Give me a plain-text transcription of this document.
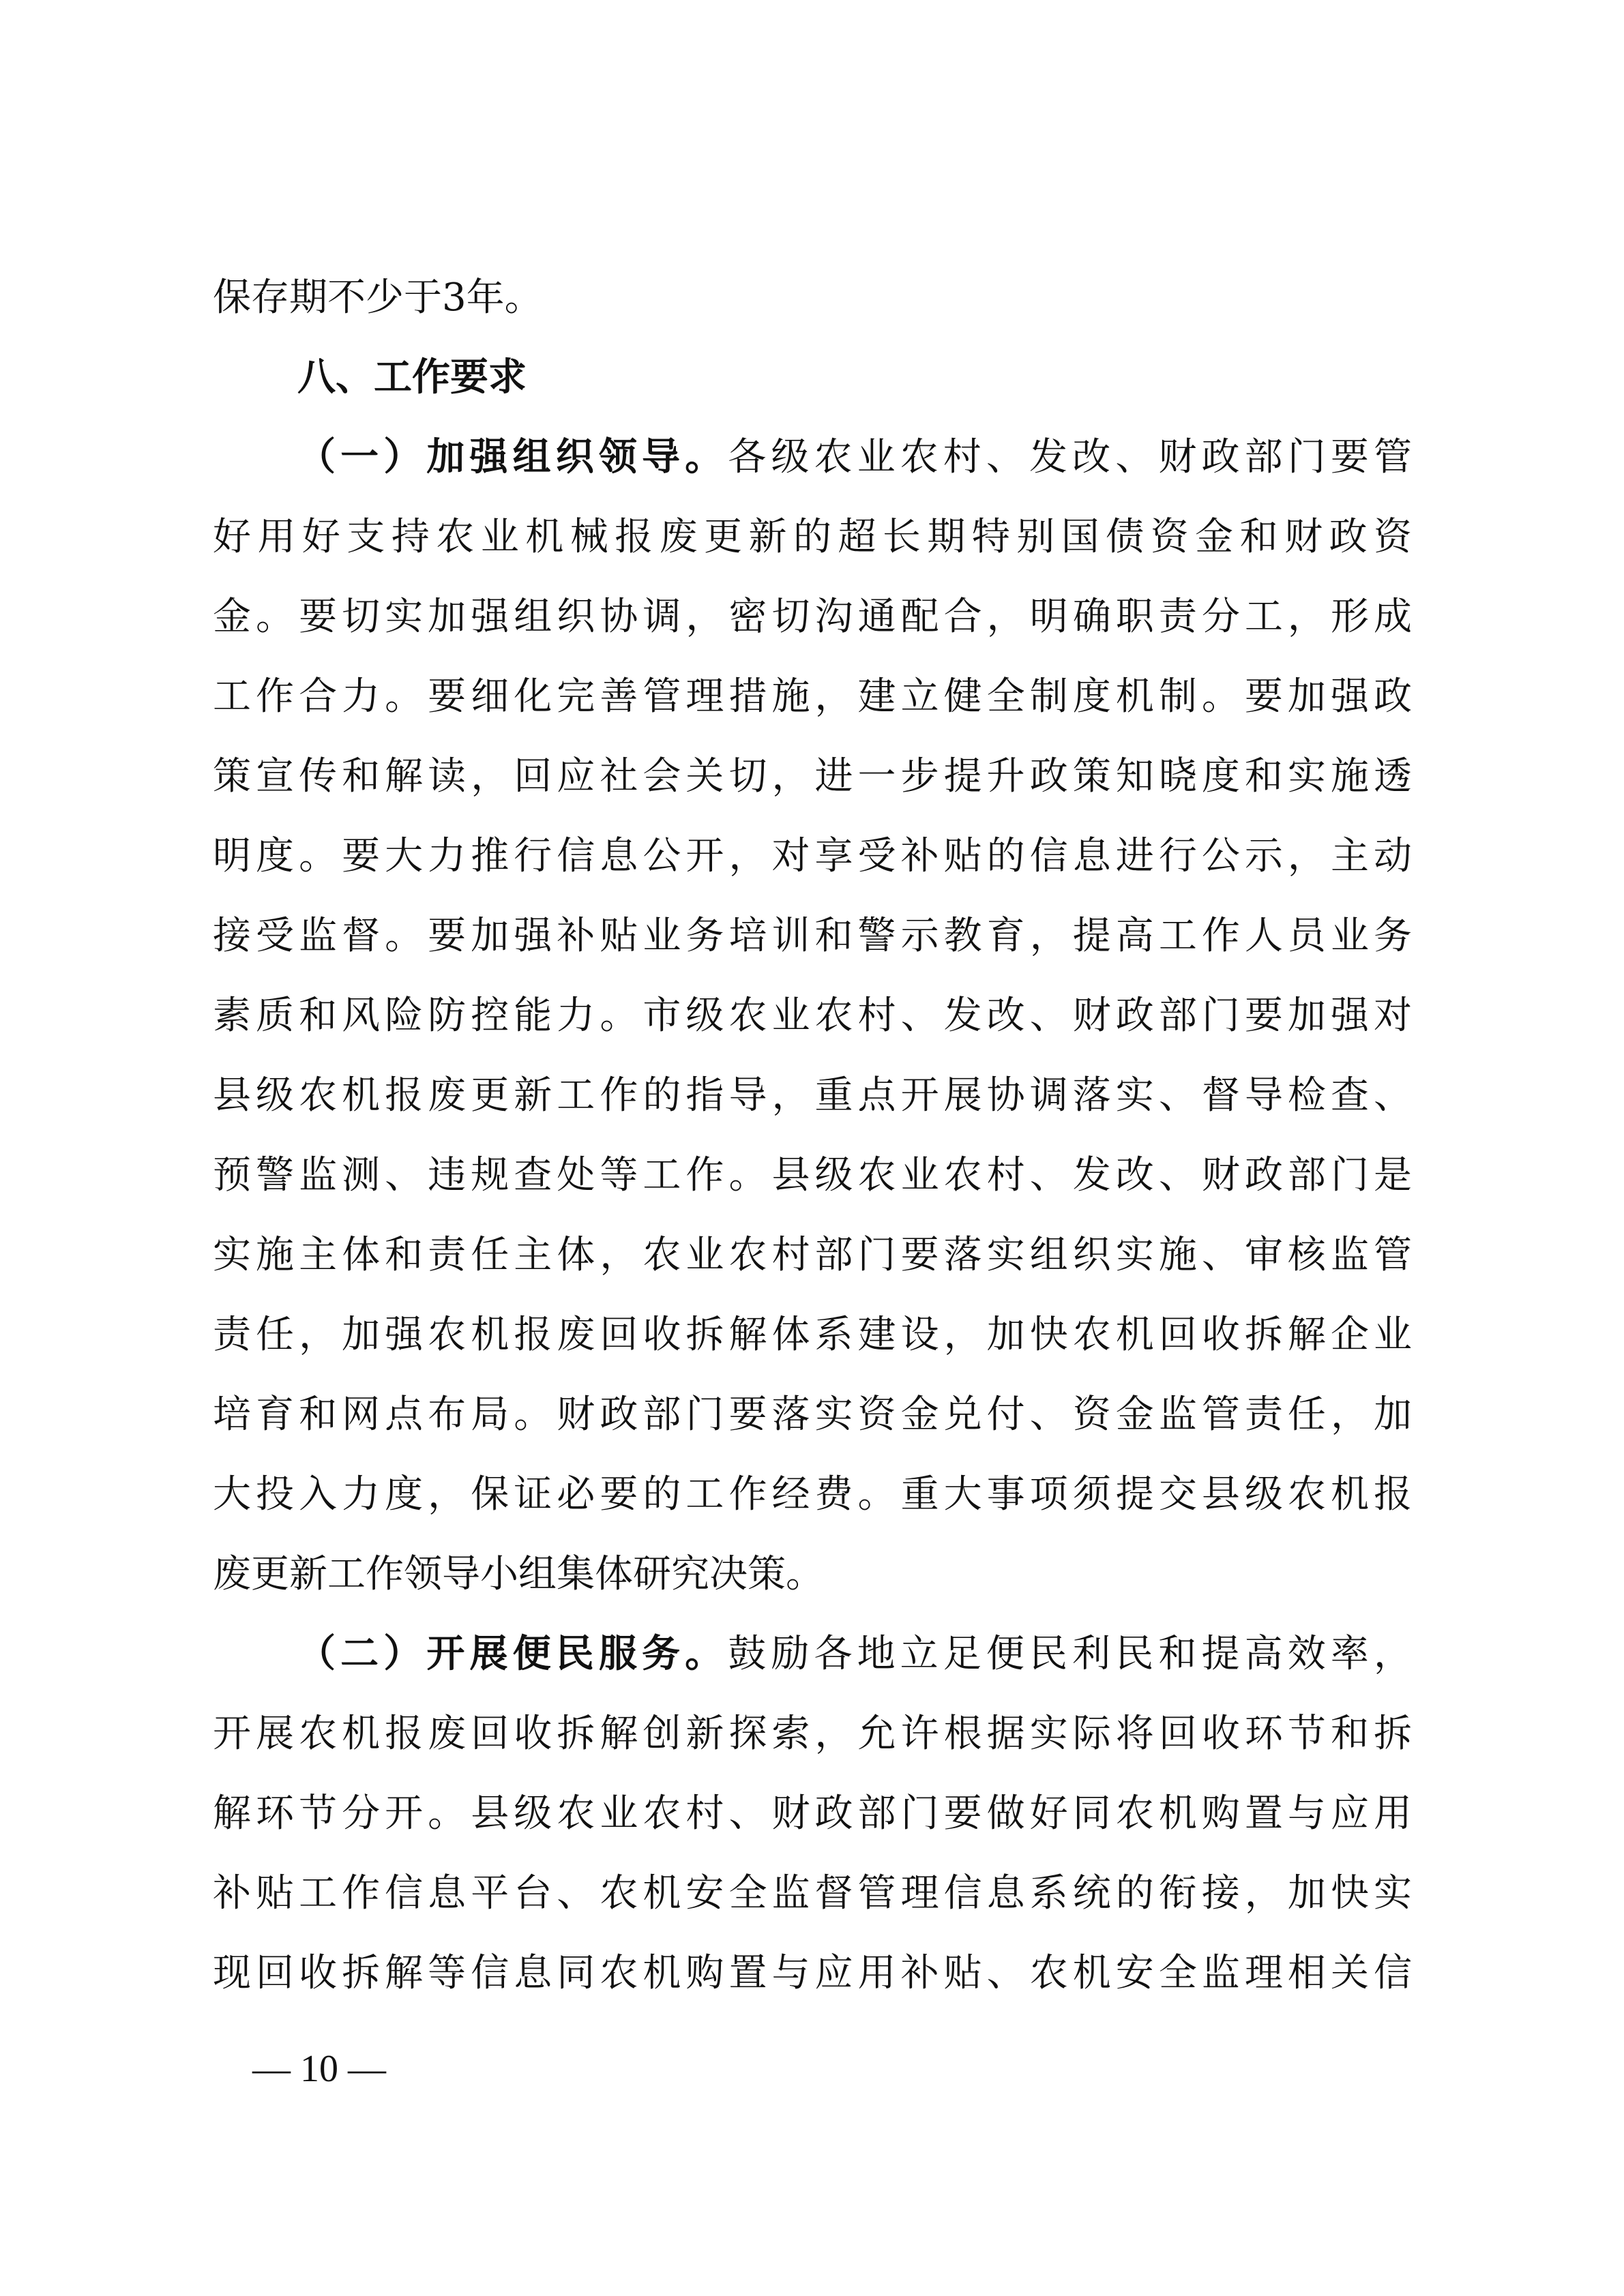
保存期不少于3年。
八、工作要求
（一）加强组织领导。各级农业农村、发改、财政部门要管
好用好支持农业机械报废更新的超长期特别国债资金和财政资
金。要切实加强组织协调，密切沟通配合，明确职责分工，形成
工作合力。要细化完善管理措施，建立健全制度机制。要加强政
策宣传和解读，回应社会关切，进一步提升政策知晓度和实施透
明度。要大力推行信息公开，对享受补贴的信息进行公示，主动
接受监督。要加强补贴业务培训和警示教育，提高工作人员业务
素质和风险防控能力。市级农业农村、发改、财政部门要加强对
县级农机报废更新工作的指导，重点开展协调落实、督导检查、
预警监测、违规查处等工作。县级农业农村、发改、财政部门是
实施主体和责任主体，农业农村部门要落实组织实施、审核监管
责任，加强农机报废回收拆解体系建设，加快农机回收拆解企业
培育和网点布局。财政部门要落实资金兑付、资金监管责任，加
大投入力度，保证必要的工作经费。重大事项须提交县级农机报
废更新工作领导小组集体研究决策。
（二）开展便民服务。鼓励各地立足便民利民和提高效率，
开展农机报废回收拆解创新探索，允许根据实际将回收环节和拆
解环节分开。县级农业农村、财政部门要做好同农机购置与应用
补贴工作信息平台、农机安全监督管理信息系统的衔接，加快实
现回收拆解等信息同农机购置与应用补贴、农机安全监理相关信
— 10 —
